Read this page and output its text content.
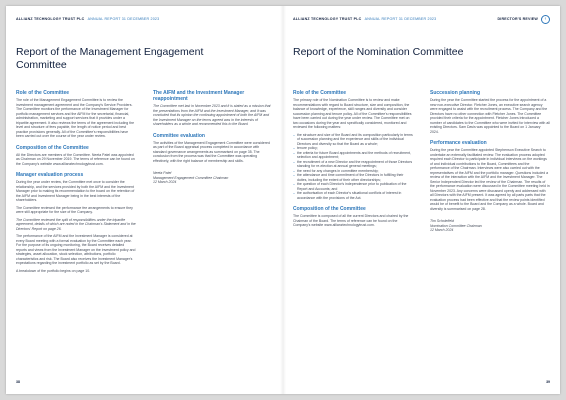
ALLIANZ TECHNOLOGY TRUST PLC ANNUAL REPORT 31 DECEMBER 2023
Report of the Management Engagement Committee
Role of the Committee

The role of the Management Engagement Committee is to review the investment management agreement and the Company's Service Providers. The Committee monitors the performance of the Investment Manager for portfolio management services and the AIFM for the secretarial, financial, administration, marketing and support services that it provides under a tripartite agreement. It also reviews the terms of the agreement including the level and structure of fees payable, the length of notice period and best practice provisions generally. All of the Committee's responsibilities have been carried out over the course of the year under review.

Composition of the Committee

All the Directors are members of the Committee. Neeta Patel was appointed as Chairman on 29 November 2019. The terms of reference can be found on the Company's website www.allianztechnologytrust.com.

Manager evaluation process

During the year under review, the Committee met once to consider the relationship, and the services provided by both the AIFM and the Investment Manager prior to making its recommendation to the board on the retention of the AIFM and Investment Manager being in the best interests of the shareholders.

The Committee reviewed the performance fee arrangements to ensure they were still appropriate for the size of the Company.

The Committee reviewed the split of responsibilities under the tripartite agreement, details of which are noted in the Chairman's Statement and in the Directors' Report on page 26.

The performance of the AIFM and the Investment Manager is considered at every Board meeting with a formal evaluation by the Committee each year. For the purpose of its ongoing monitoring, the Board receives detailed reports and views from the Investment Manager on the investment policy and strategies, asset allocation, stock selection, attributions, portfolio characteristics and risk. The Board also receives the Investment Manager's expectations regarding the investment portfolio as set by the Board.

A breakdown of the portfolio begins on page 10.

The AIFM and the Investment Manager reappointment

The Committee met last in November 2023 and it is stated as a mission that the presentations from the AIFM and the Investment Manager, and it was concluded that its opinion the continuing appointment of both the AIFM and the Investment Manager on the terms agreed was in the interests of shareholders as a whole and recommended this to the Board.

Committee evaluation

The activities of the Management Engagement Committee were considered as part of the Board appraisal process completed in accordance with standard governance arrangements as summarised on page 35. The conclusion from the process was that the Committee was operating effectively, with the right balance of membership and skills.

Neeta Patel
Management Engagement Committee Chairman
12 March 2024
38
ALLIANZ TECHNOLOGY TRUST PLC ANNUAL REPORT 31 DECEMBER 2023	DIRECTOR'S REVIEW	‹
Report of the Nomination Committee
Role of the Committee

The primary role of the Nomination Committee is to review and make recommendations with regard to Board structure, size and composition, the balance of knowledge, experience, skill ranges and diversity and consider succession planning and tenure policy. All of the Committee's responsibilities have been carried out during the year under review. The Committee met on two occasions during the year and specifically considered, monitored and reviewed the following matters:

– the structure and size of the Board and its composition particularly in terms of succession planning and the experience and skills of the individual Directors and diversity so that the Board as a whole;
– tenure policy;
– the criteria for future Board appointments and the methods of recruitment, selection and appointment;
– the recruitment of a new Director and the reappointment of those Directors standing for re-election at annual general meetings;
– the need for any changes in committee membership;
– the attendance and time commitment of the Directors in fulfilling their duties, including the extent of their other directorships;
– the question of each Director's independence prior to publication of the Report and Accounts; and
– the authorisation of each Director's situational conflicts of interest in accordance with the provisions of the Act.
Composition of the Committee

The Committee is composed of all the current Directors and chaired by the Chairman of the Board. The terms of reference can be found on the Company's website www.allianztechnologytrust.com.

Succession planning

During the year the Committee started the process for the appointment of a new non-executive Director. Fletcher Jones, an executive search agency were engaged to assist with the recruitment process. The Company and the Directors have no other connection with Fletcher Jones. The Committee provided their criteria for the appointment. Fletcher Jones introduced a number of candidates to the Committee who were invited for interview with all existing Directors. Sam Davis was appointed to the Board on 1 January 2024.

Performance evaluation

During the year the Committee appointed Stephenson Executive Search to undertake an externally facilitated review. The evaluation process adopted required each Director to participate in individual interviews on the workings of and individual contributions to the Board, Committees and the performance of the Chairman. Interviews were also carried out with the representatives of the AIFM and the portfolio manager. Questions included a review of the interaction with the AIFM and the Investment Manager. The Senior Independent Director led the review of the Chairman. The results of the performance evaluation were discussed in the Committee meeting held in November 2023. Any concerns were discussed openly and addressed with all Directors with the AIFM present. It was agreed by all parts parts that the evaluation process had been effective and that the review points identified would be of benefit to the Board and the Company as a whole. Board and diversity is summarised on page 28.

Tim Scholefield
Nomination Committee Chairman
12 March 2024
39
